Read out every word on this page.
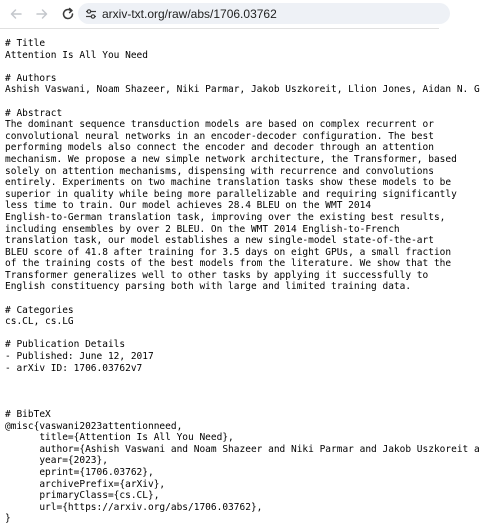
arxiv-txt.org/raw/abs/1706.03762
# Title
Attention Is All You Need
# Authors
Ashish Vaswani, Noam Shazeer, Niki Parmar, Jakob Uszkoreit, Llion Jones, Aidan N. G
# Abstract
The dominant sequence transduction models are based on complex recurrent or
convolutional neural networks in an encoder-decoder configuration. The best
performing models also connect the encoder and decoder through an attention
mechanism. We propose a new simple network architecture, the Transformer, based
solely on attention mechanisms, dispensing with recurrence and convolutions
entirely. Experiments on two machine translation tasks show these models to be
superior in quality while being more parallelizable and requiring significantly
less time to train. Our model achieves 28.4 BLEU on the WMT 2014
English-to-German translation task, improving over the existing best results,
including ensembles by over 2 BLEU. On the WMT 2014 English-to-French
translation task, our model establishes a new single-model state-of-the-art
BLEU score of 41.8 after training for 3.5 days on eight GPUs, a small fraction
of the training costs of the best models from the literature. We show that the
Transformer generalizes well to other tasks by applying it successfully to
English constituency parsing both with large and limited training data.
# Categories
cs.CL, cs.LG
# Publication Details
- Published: June 12, 2017
- arXiv ID: 1706.03762v7
# BibTeX
@misc{vaswani2023attentionneed,
title={Attention Is All You Need},
author={Ashish Vaswani and Noam Shazeer and Niki Parmar and Jakob Uszkoreit a
year={2023},
eprint={1706.03762},
archivePrefix={arXiv},
primaryClass={cs.CL},
url={https://arxiv.org/abs/1706.03762},
}
